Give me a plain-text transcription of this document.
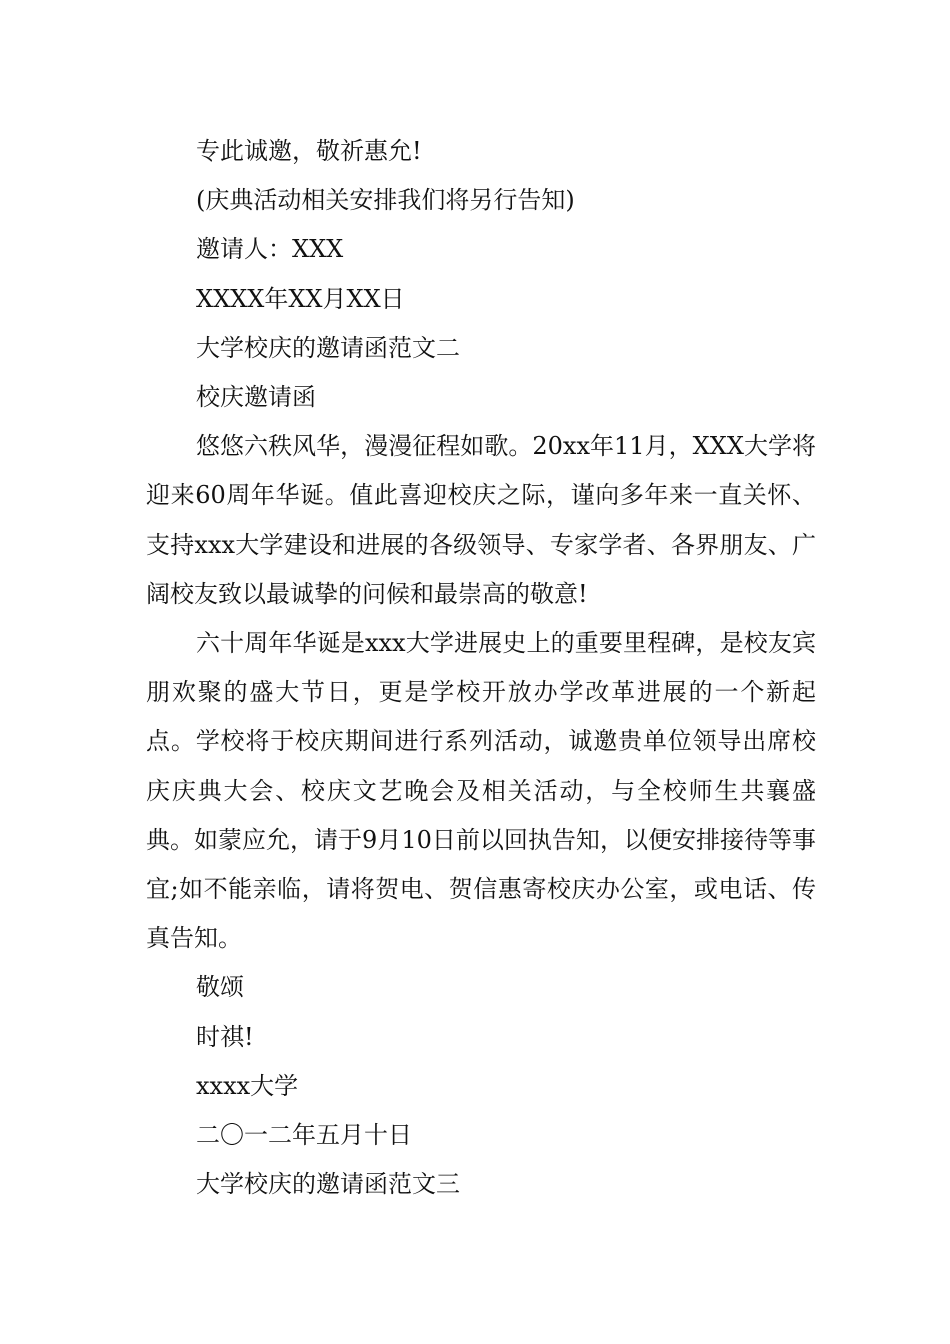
专此诚邀，敬祈惠允!

(庆典活动相关安排我们将另行告知)

邀请人：XXX

XXXX年XX月XX日

大学校庆的邀请函范文二

校庆邀请函

悠悠六秩风华，漫漫征程如歌。20xx年11月，XXX大学将迎来60周年华诞。值此喜迎校庆之际，谨向多年来一直关怀、支持xxx大学建设和进展的各级领导、专家学者、各界朋友、广阔校友致以最诚挚的问候和最崇高的敬意!

六十周年华诞是xxx大学进展史上的重要里程碑，是校友宾朋欢聚的盛大节日，更是学校开放办学改革进展的一个新起点。学校将于校庆期间进行系列活动，诚邀贵单位领导出席校庆庆典大会、校庆文艺晚会及相关活动，与全校师生共襄盛典。如蒙应允，请于9月10日前以回执告知，以便安排接待等事宜;如不能亲临，请将贺电、贺信惠寄校庆办公室，或电话、传真告知。

敬颂

时祺!

xxxx大学

二〇一二年五月十日

大学校庆的邀请函范文三
